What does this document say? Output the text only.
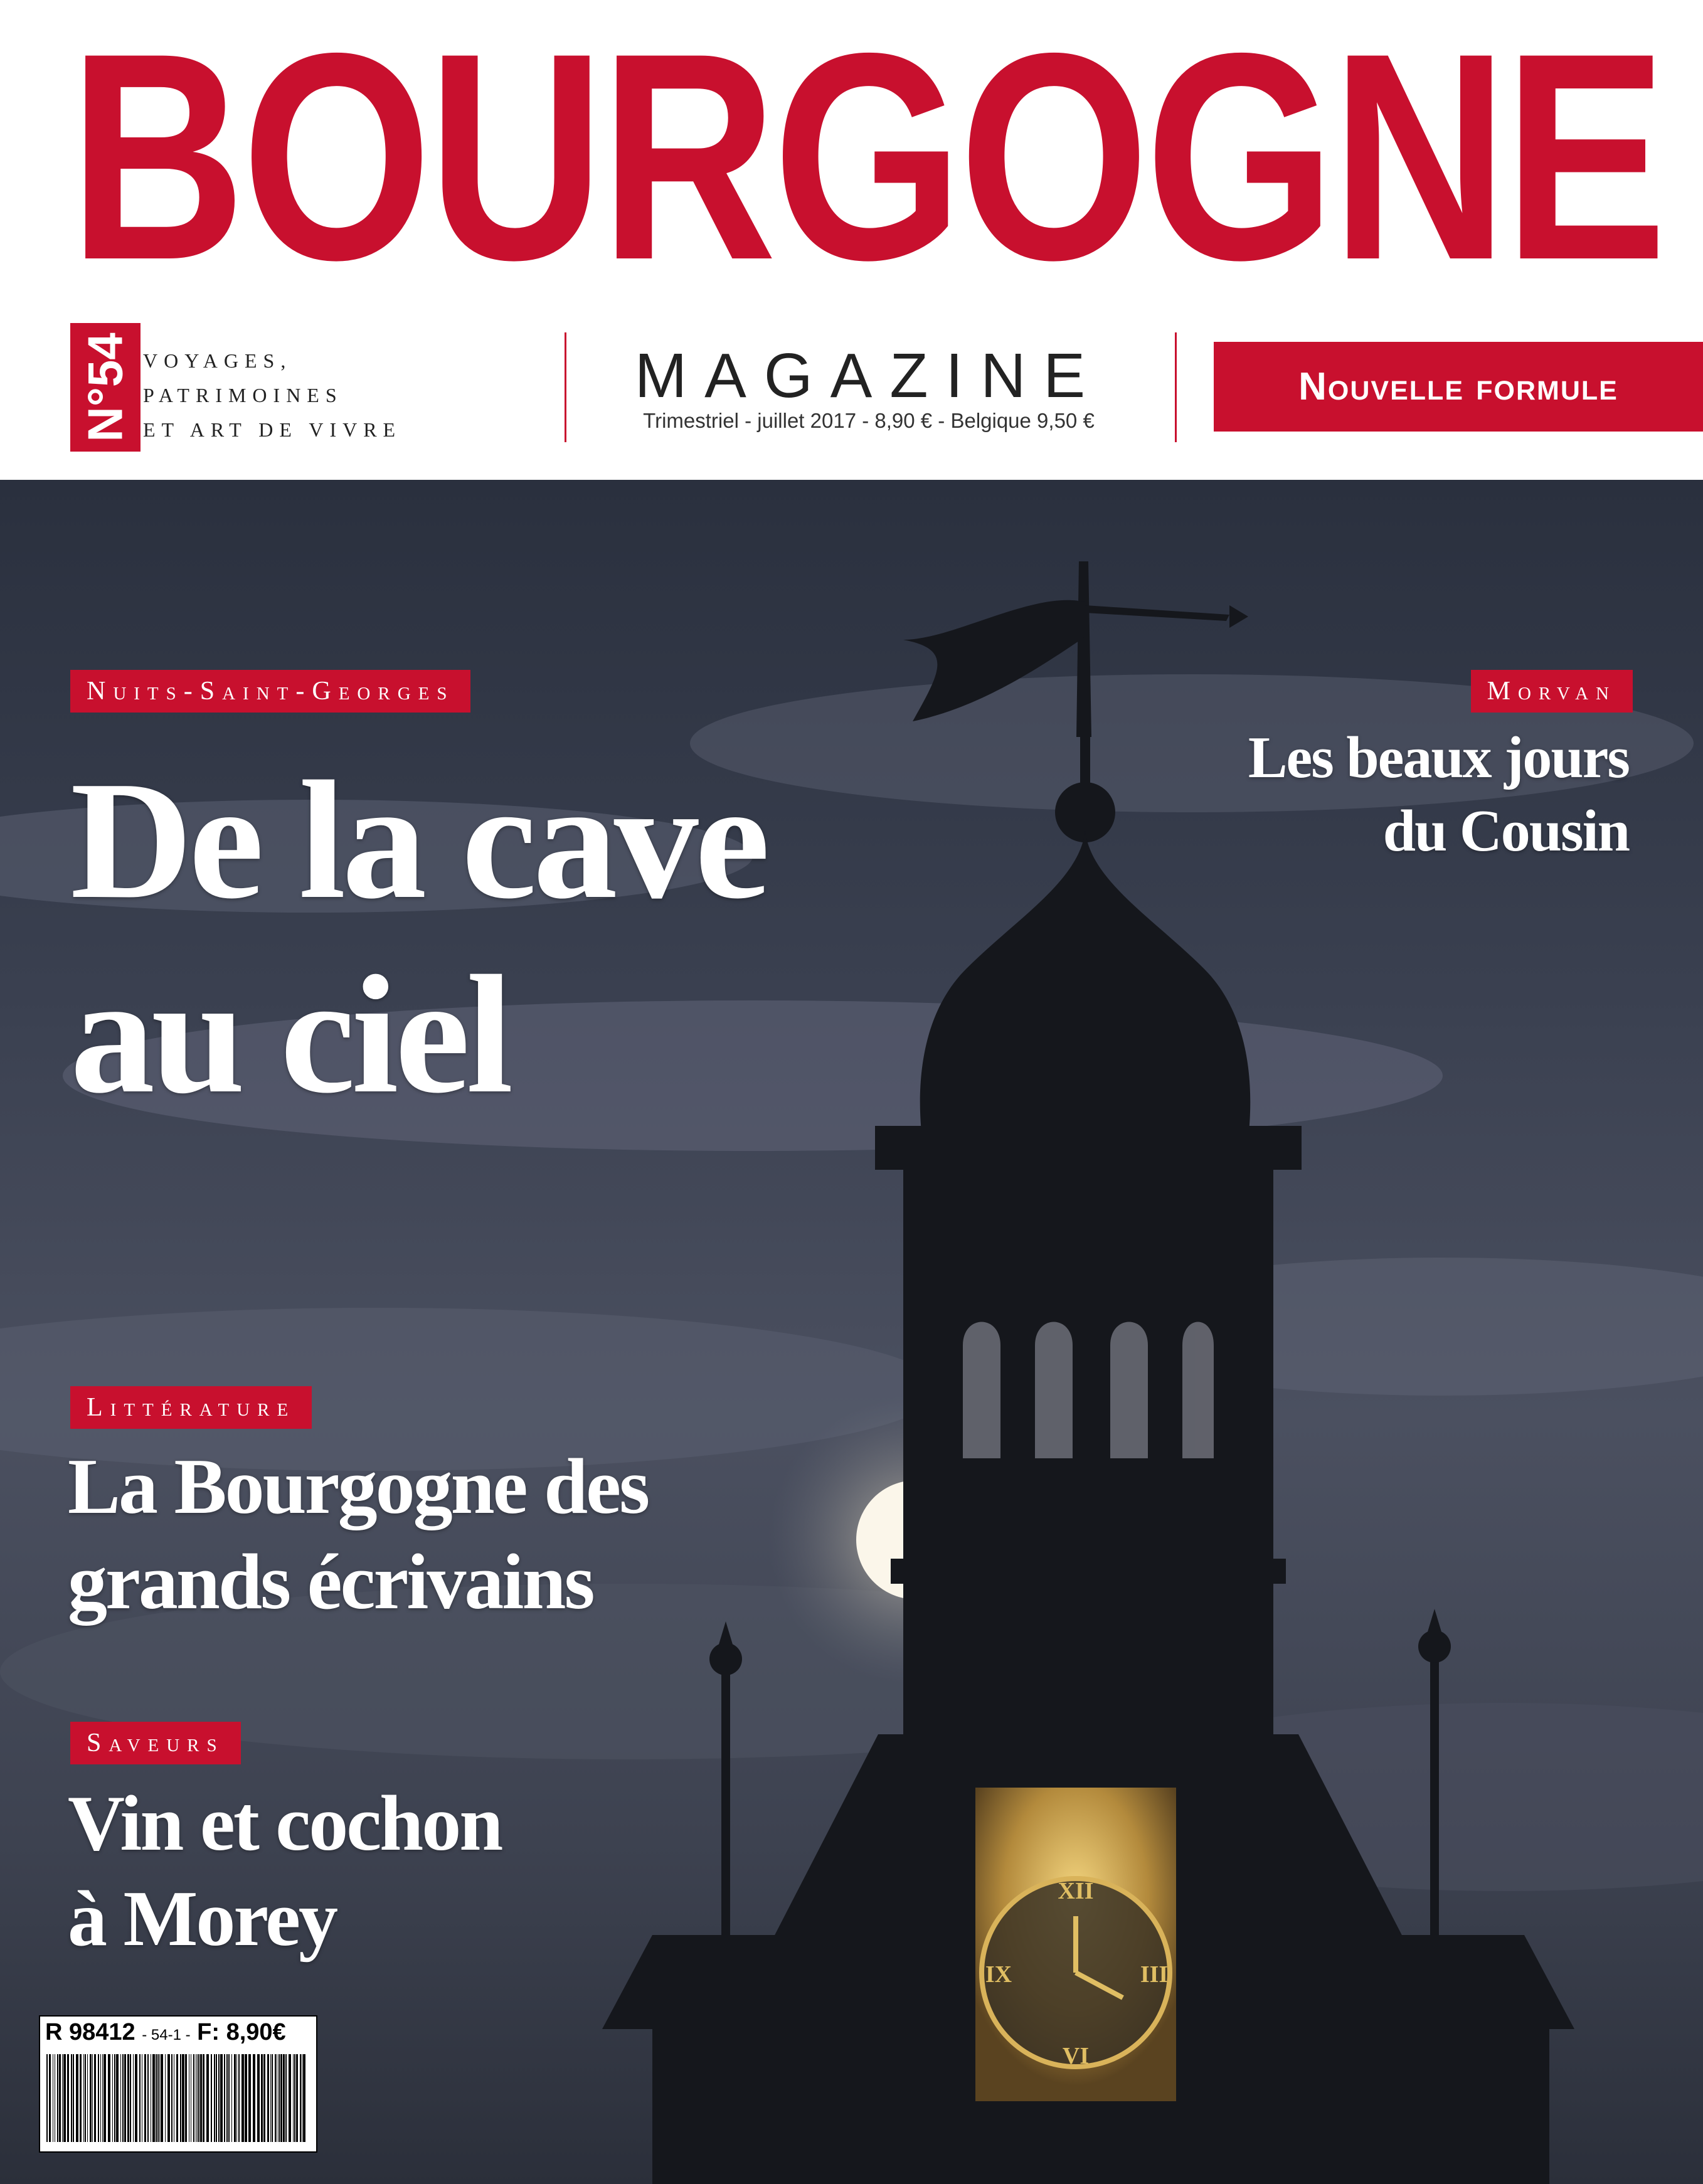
BOURGOGNE
N°54 VOYAGES,
PATRIMOINES
ET ART DE VIVRE
MAGAZINE
Trimestriel - juillet 2017 - 8,90 € - Belgique 9,50 €
Nouvelle formule
XII
III
VI
IX
Nuits-Saint-Georges
De la cave
au ciel
Morvan
Les beaux jours
du Cousin
Littérature
La Bourgogne des
grands écrivains
Saveurs
Vin et cochon
à Morey
R 98412 - 54-1 - F: 8,90€
